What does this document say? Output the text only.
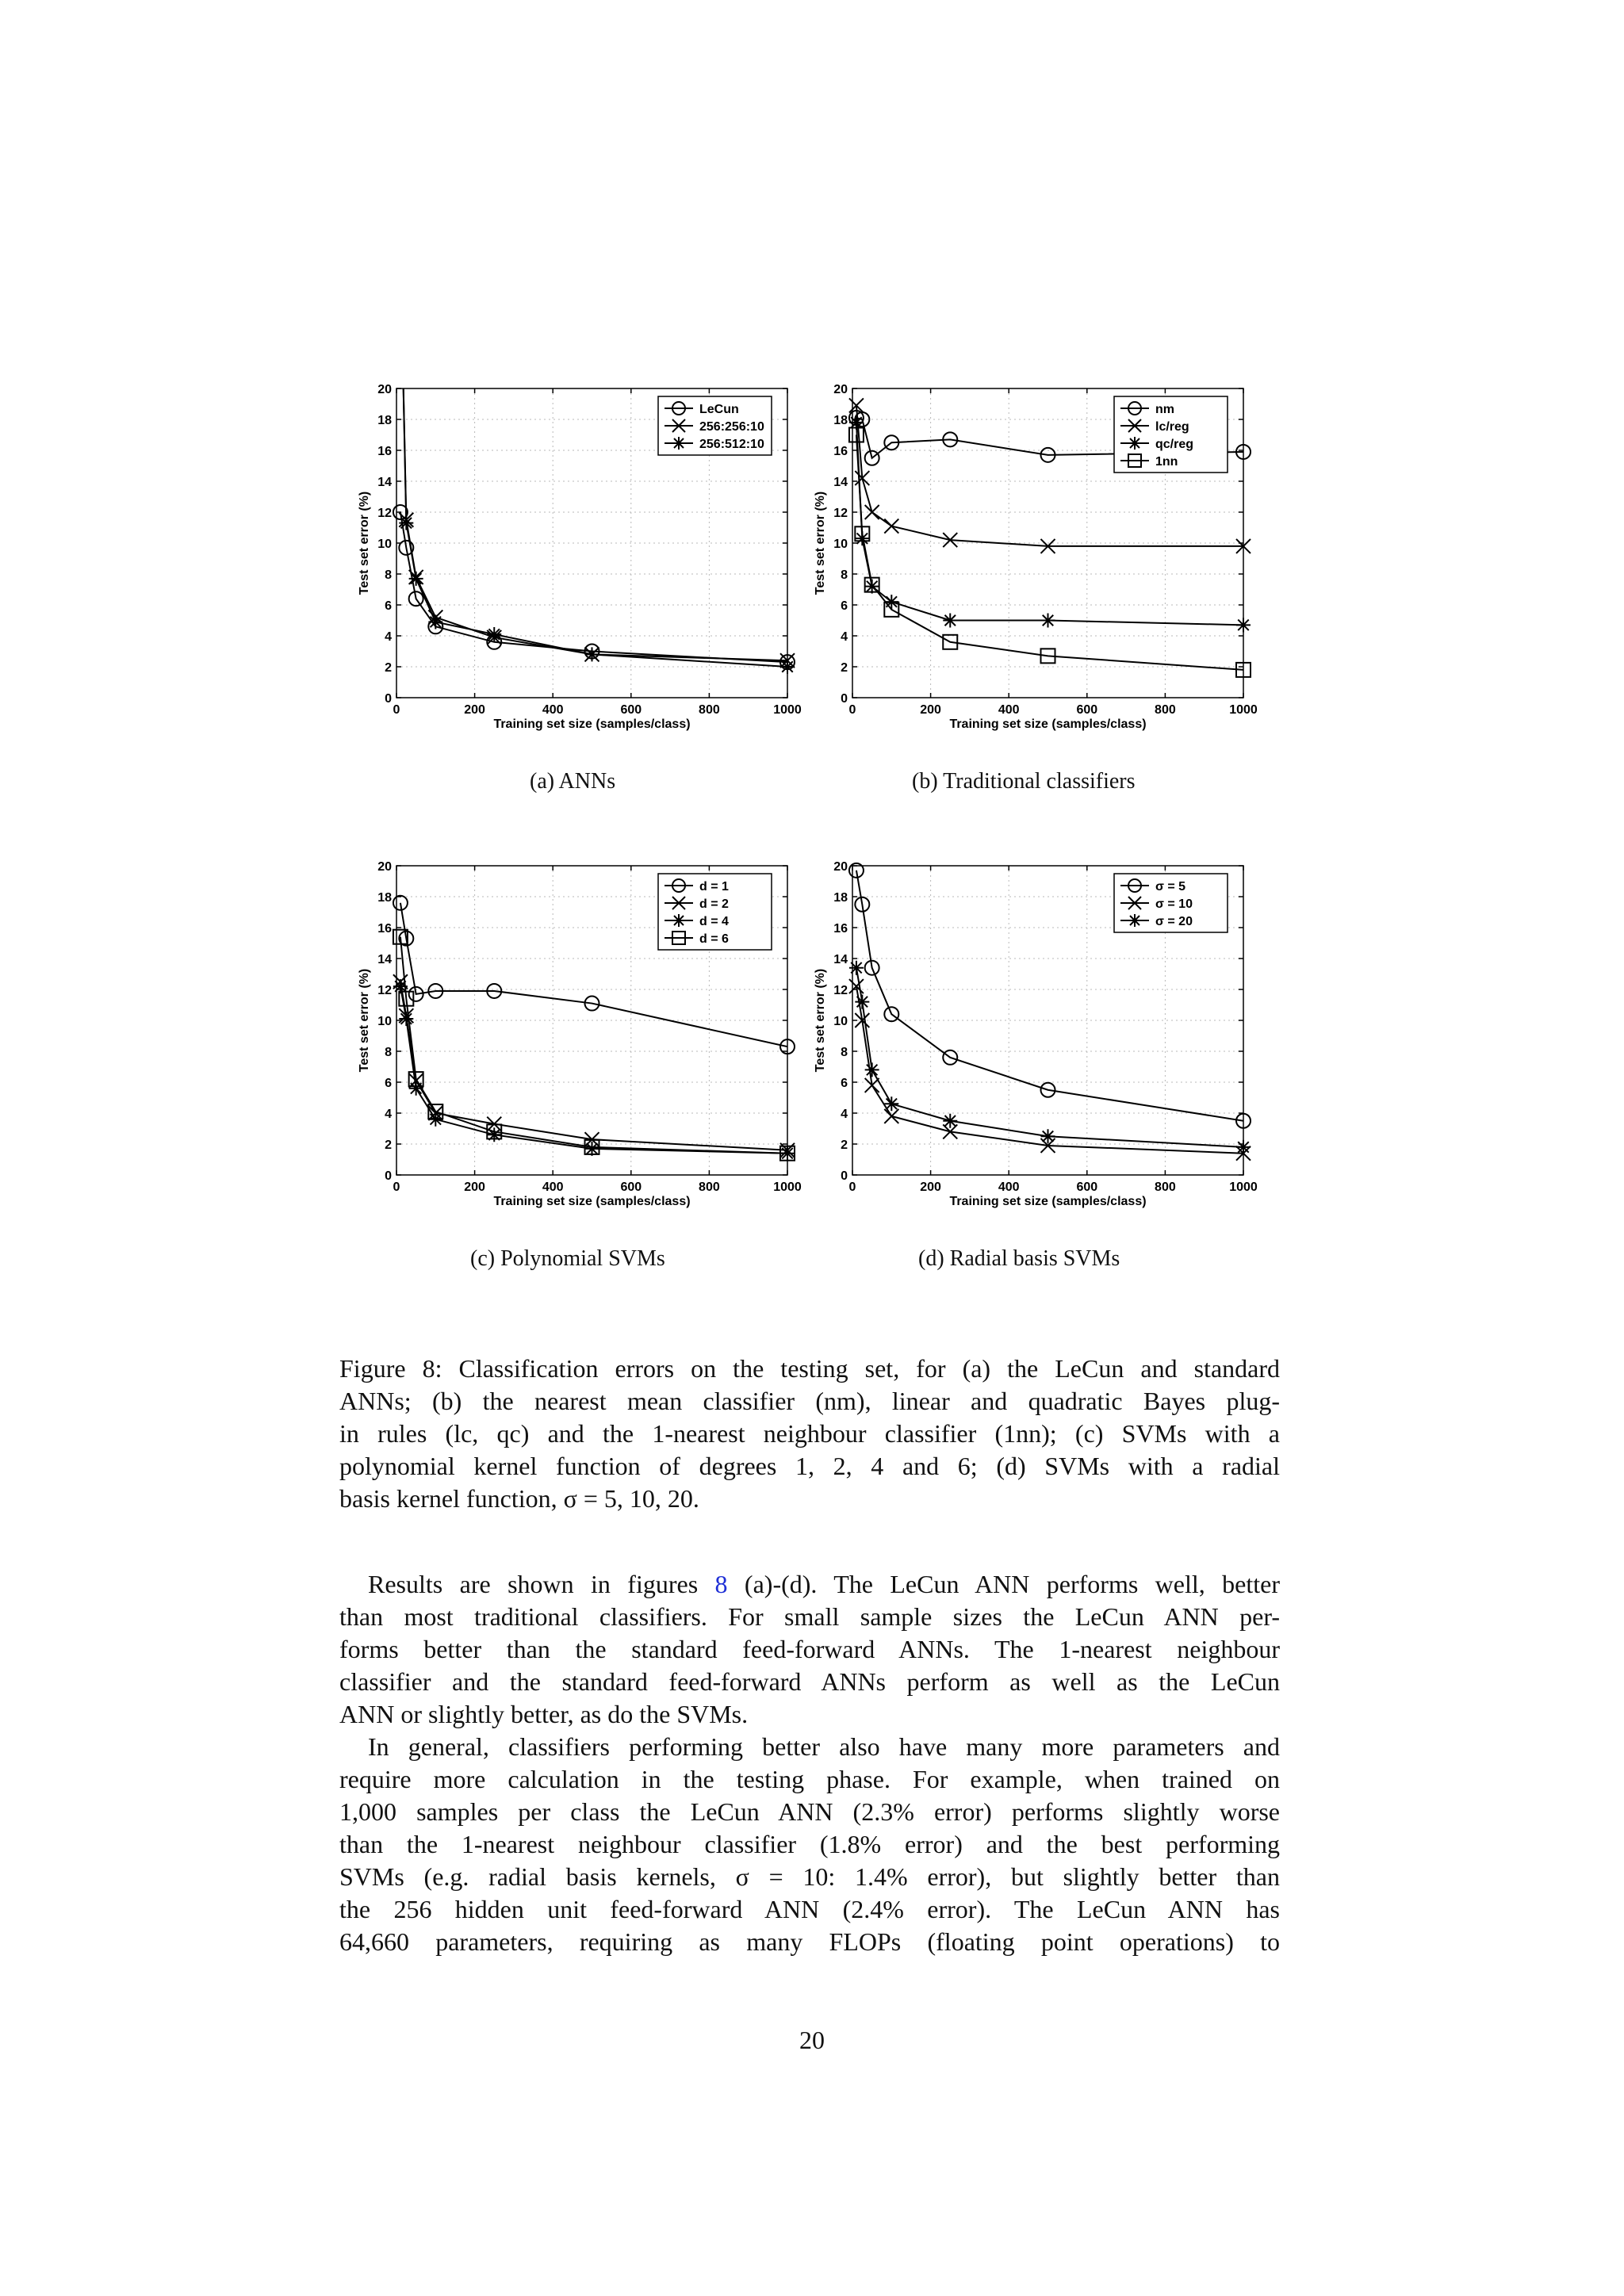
0	200	400	600	800	1000
0
2
4
6
8
10
12
14
16
18
20
Training set size (samples/class)
Test set error (%)
LeCun
256:256:10
256:512:10
0	200	400	600	800	1000
0
2
4
6
8
10
12
14
16
18
20
Training set size (samples/class)
Test set error (%)
nm
lc/reg
qc/reg
1nn
0	200	400	600	800	1000
0
2
4
6
8
10
12
14
16
18
20
Training set size (samples/class)
Test set error (%)
d = 1
d = 2
d = 4
d = 6
0	200	400	600	800	1000
0
2
4
6
8
10
12
14
16
18
20
Training set size (samples/class)
Test set error (%)
σ = 5
σ = 10
σ = 20
(a) ANNs	(b) Traditional classifiers
(c) Polynomial SVMs	(d) Radial basis SVMs
Figure 8: Classification errors on the testing set, for (a) the LeCun and standard
ANNs; (b) the nearest mean classifier (nm), linear and quadratic Bayes plug-
in rules (lc, qc) and the 1-nearest neighbour classifier (1nn); (c) SVMs with a
polynomial kernel function of degrees 1, 2, 4 and 6; (d) SVMs with a radial
basis kernel function, σ = 5, 10, 20.
Results are shown in figures 8 (a)-(d). The LeCun ANN performs well, better
than most traditional classifiers. For small sample sizes the LeCun ANN per-
forms better than the standard feed-forward ANNs. The 1-nearest neighbour
classifier and the standard feed-forward ANNs perform as well as the LeCun
ANN or slightly better, as do the SVMs.
In general, classifiers performing better also have many more parameters and
require more calculation in the testing phase. For example, when trained on
1,000 samples per class the LeCun ANN (2.3% error) performs slightly worse
than the 1-nearest neighbour classifier (1.8% error) and the best performing
SVMs (e.g. radial basis kernels, σ = 10: 1.4% error), but slightly better than
the 256 hidden unit feed-forward ANN (2.4% error). The LeCun ANN has
64,660 parameters, requiring as many FLOPs (floating point operations) to
20
